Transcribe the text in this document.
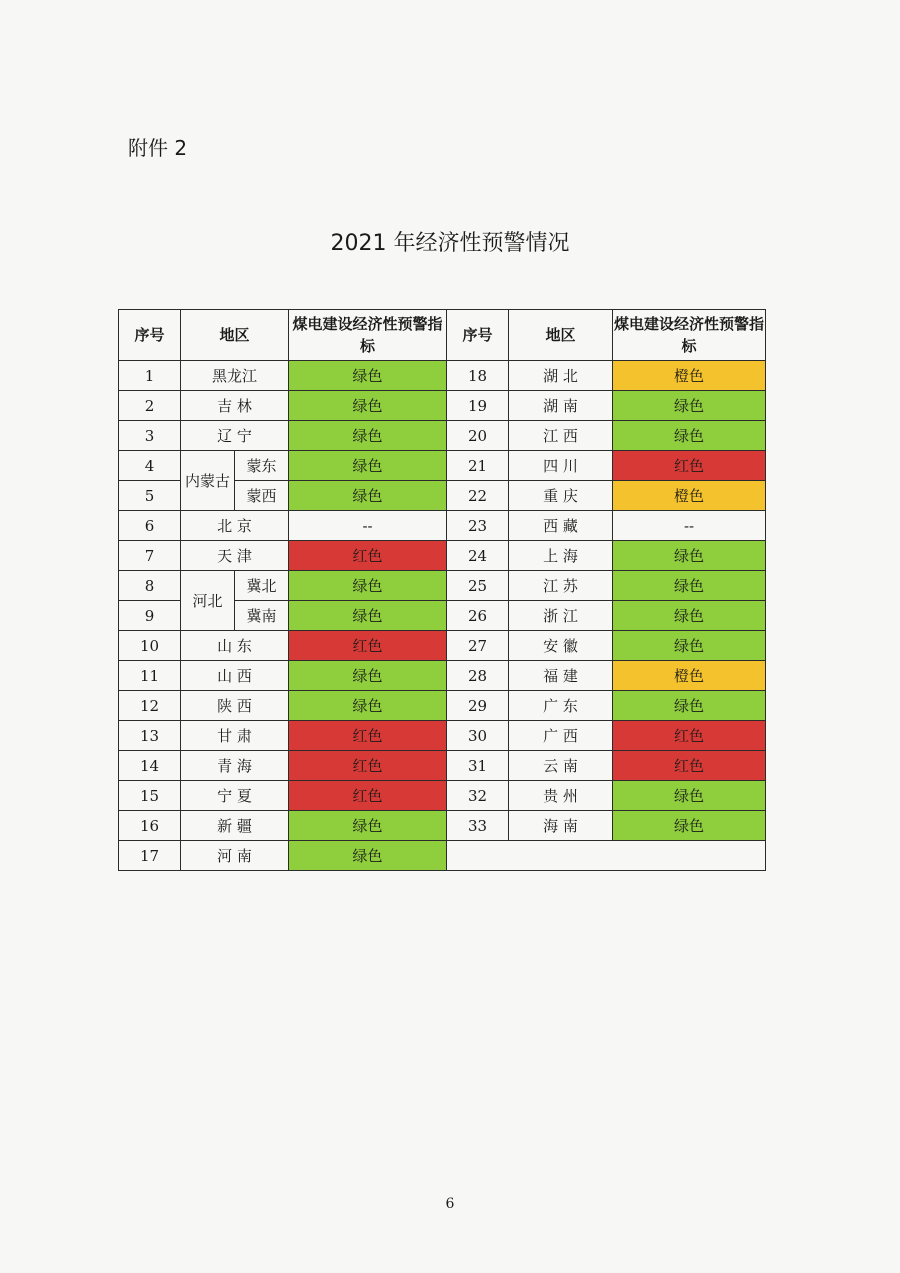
附件 2
2021 年经济性预警情况
序号	地区		煤电建设经济性预警指标	序号	地区	煤电建设经济性预警指标
1	黑龙江		绿色	18	湖 北	橙色
2	吉 林		绿色	19	湖 南	绿色
3	辽 宁		绿色	20	江 西	绿色
4	内蒙古	蒙东	绿色	21	四 川	红色
5		蒙西	绿色	22	重 庆	橙色
6	北 京		--	23	西 藏	--
7	天 津		红色	24	上 海	绿色
8	河北	冀北	绿色	25	江 苏	绿色
9		冀南	绿色	26	浙 江	绿色
10	山 东		红色	27	安 徽	绿色
11	山 西		绿色	28	福 建	橙色
12	陕 西		绿色	29	广 东	绿色
13	甘 肃		红色	30	广 西	红色
14	青 海		红色	31	云 南	红色
15	宁 夏		红色	32	贵 州	绿色
16	新 疆		绿色	33	海 南	绿色
17	河 南		绿色			
6
